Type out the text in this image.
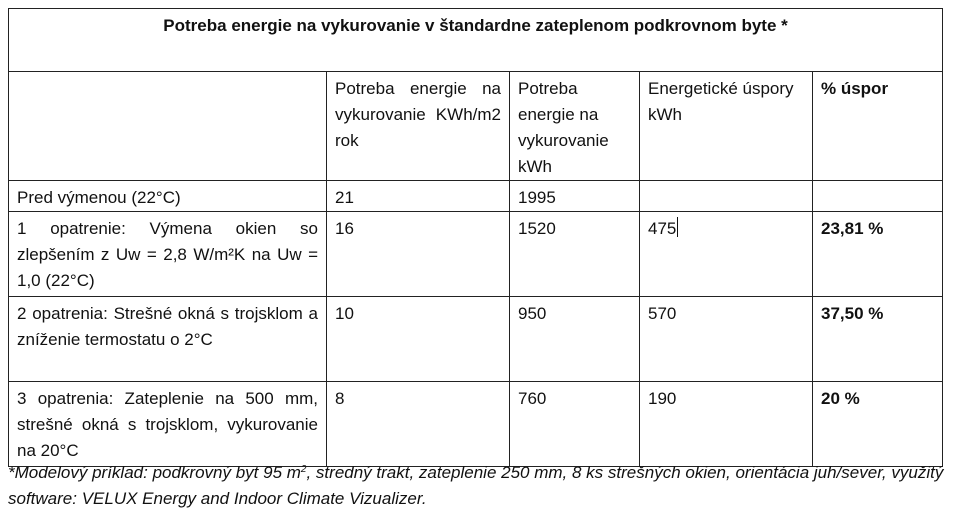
Potreba energie na vykurovanie v štandardne zateplenom podkrovnom byte *				
	Potreba energie na vykurovanie KWh/m2 rok	Potreba energie na vykurovanie kWh	Energetické úspory kWh	% úspor
Pred výmenou (22°C)	21	1995		
1 opatrenie: Výmena okien so zlepšením z Uw = 2,8 W/m²K na Uw = 1,0 (22°C)	16	1520	475	23,81 %
2 opatrenia: Strešné okná s trojsklom a zníženie termostatu o 2°C	10	950	570	37,50 %
3 opatrenia: Zateplenie na 500 mm, strešné okná s trojsklom, vykurovanie na 20°C	8	760	190	20 %
*Modelový príklad: podkrovný byt 95 $m^2$, stredný trakt, zateplenie 250 mm, 8 ks strešných okien, orientácia juh/sever, využitý software: VELUX Energy and Indoor Climate Vizualizer.
